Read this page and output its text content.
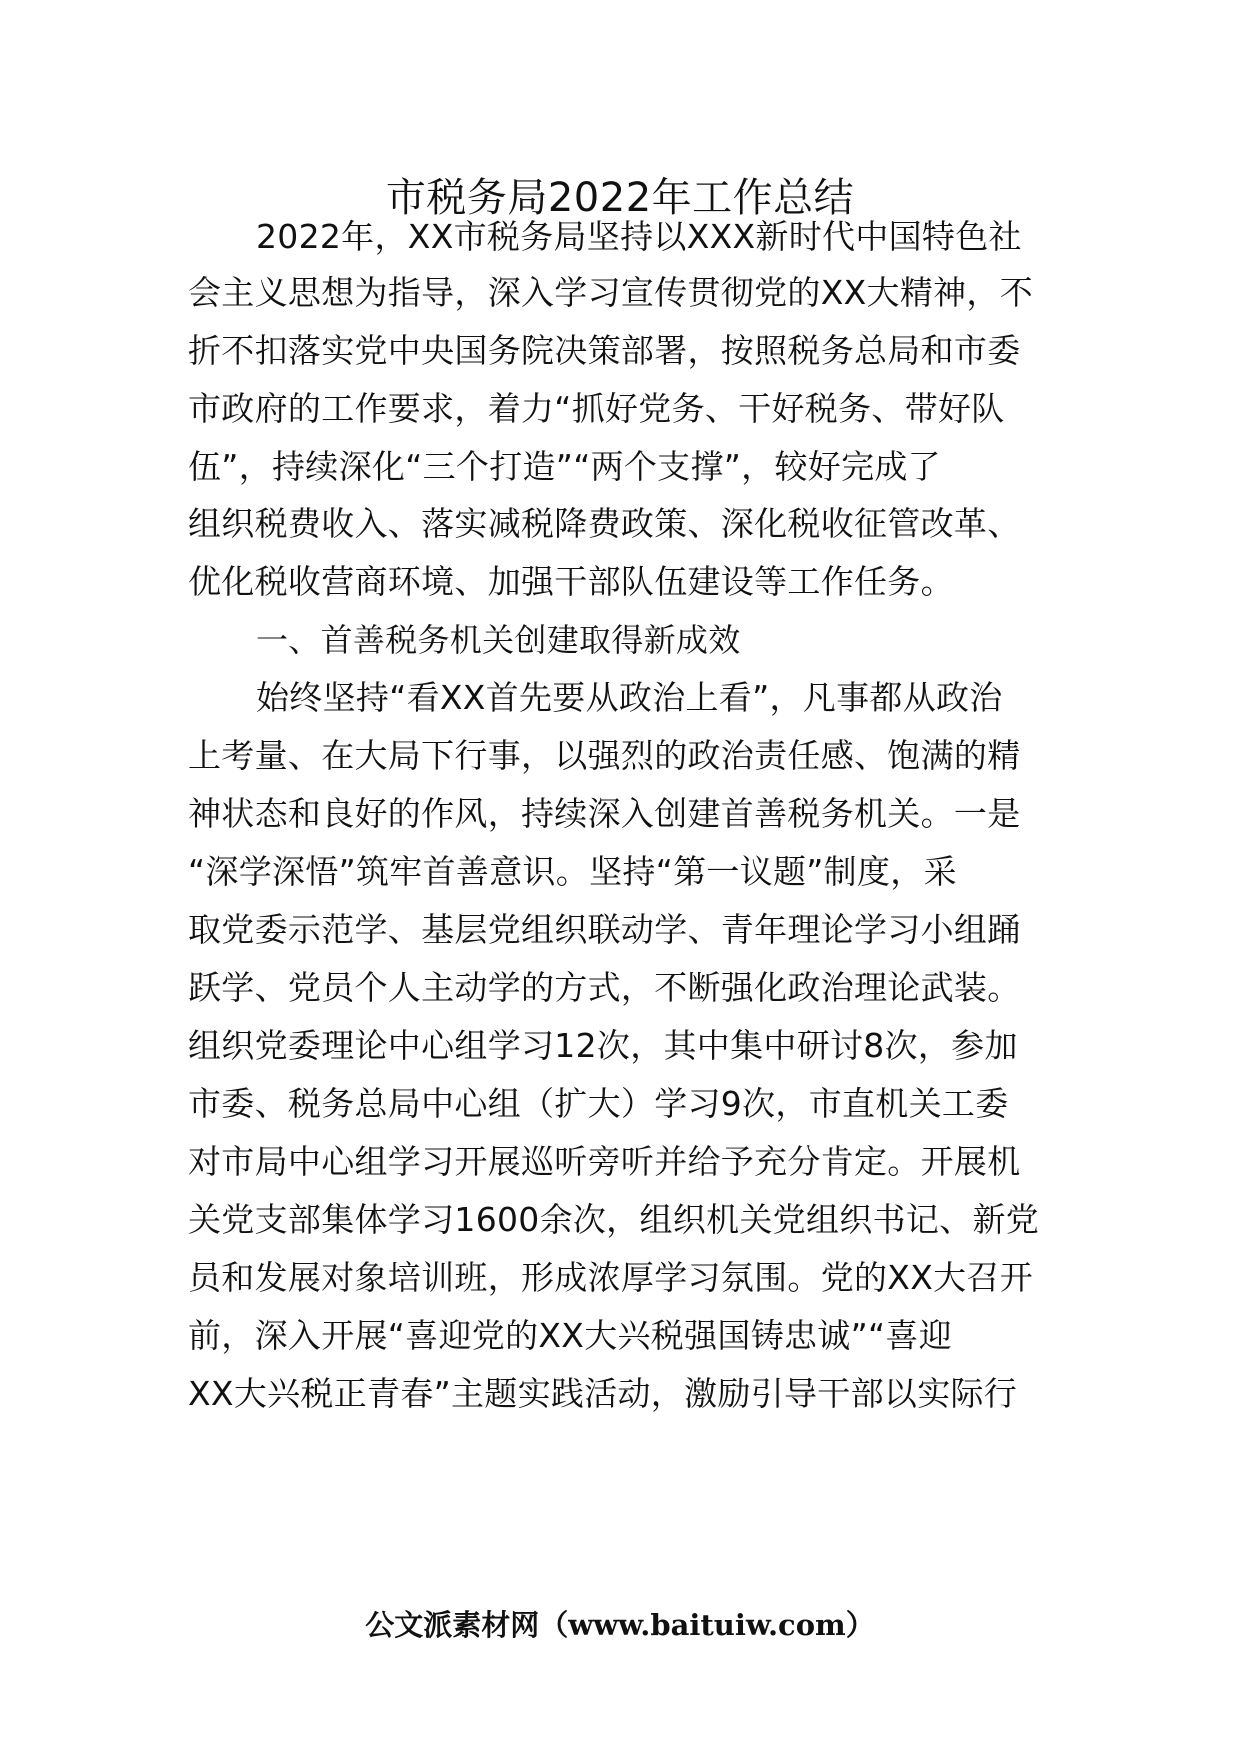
市税务局2022年工作总结

2022年，XX市税务局坚持以XXX新时代中国特色社

会主义思想为指导，深入学习宣传贯彻党的XX大精神，不

折不扣落实党中央国务院决策部署，按照税务总局和市委

市政府的工作要求，着力“抓好党务、干好税务、带好队

伍”，持续深化“三个打造”“两个支撑”，较好完成了

组织税费收入、落实减税降费政策、深化税收征管改革、

优化税收营商环境、加强干部队伍建设等工作任务。

一、首善税务机关创建取得新成效

始终坚持“看XX首先要从政治上看”，凡事都从政治

上考量、在大局下行事，以强烈的政治责任感、饱满的精

神状态和良好的作风，持续深入创建首善税务机关。一是

“深学深悟”筑牢首善意识。坚持“第一议题”制度，采

取党委示范学、基层党组织联动学、青年理论学习小组踊

跃学、党员个人主动学的方式，不断强化政治理论武装。

组织党委理论中心组学习12次，其中集中研讨8次，参加

市委、税务总局中心组（扩大）学习9次，市直机关工委

对市局中心组学习开展巡听旁听并给予充分肯定。开展机

关党支部集体学习1600余次，组织机关党组织书记、新党

员和发展对象培训班，形成浓厚学习氛围。党的XX大召开

前，深入开展“喜迎党的XX大兴税强国铸忠诚”“喜迎

XX大兴税正青春”主题实践活动，激励引导干部以实际行

公文派素材网（www.baituiw.com）
